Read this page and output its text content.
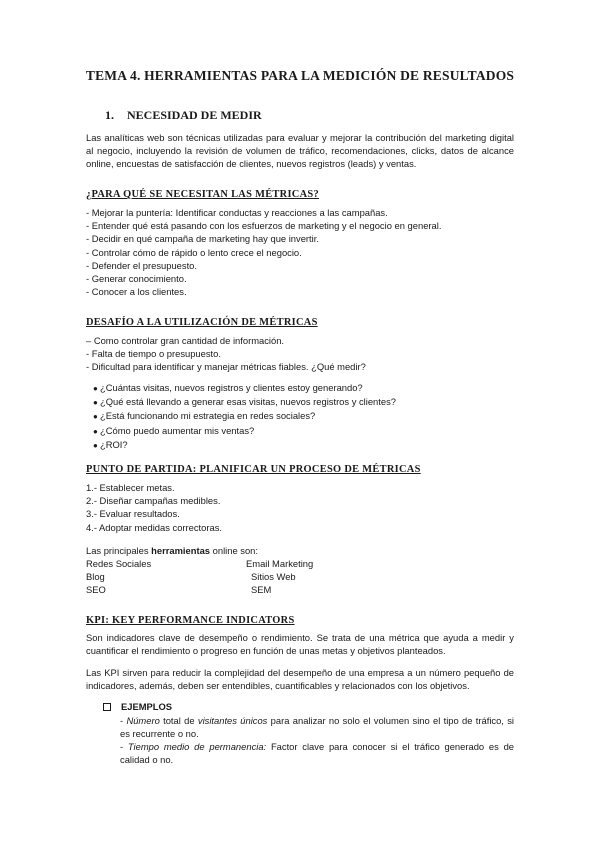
TEMA 4. HERRAMIENTAS PARA LA MEDICIÓN DE RESULTADOS
1. NECESIDAD DE MEDIR
Las analíticas web son técnicas utilizadas para evaluar y mejorar la contribución del marketing digital al negocio, incluyendo la revisión de volumen de tráfico, recomendaciones, clicks, datos de alcance online, encuestas de satisfacción de clientes, nuevos registros (leads) y ventas.
¿PARA QUÉ SE NECESITAN LAS MÉTRICAS?
- Mejorar la puntería: Identificar conductas y reacciones a las campañas.
- Entender qué está pasando con los esfuerzos de marketing y el negocio en general.
- Decidir en qué campaña de marketing hay que invertir.
- Controlar cómo de rápido o lento crece el negocio.
- Defender el presupuesto.
- Generar conocimiento.
- Conocer a los clientes.
DESAFÍO A LA UTILIZACIÓN DE MÉTRICAS
– Como controlar gran cantidad de información.
- Falta de tiempo o presupuesto.
- Dificultad para identificar y manejar métricas fiables. ¿Qué medir?
● ¿Cuántas visitas, nuevos registros y clientes estoy generando?
● ¿Qué está llevando a generar esas visitas, nuevos registros y clientes?
● ¿Está funcionando mi estrategia en redes sociales?
● ¿Cómo puedo aumentar mis ventas?
● ¿ROI?
PUNTO DE PARTIDA: PLANIFICAR UN PROCESO DE MÉTRICAS
1.- Establecer metas.
2.- Diseñar campañas medibles.
3.- Evaluar resultados.
4.- Adoptar medidas correctoras.
Las principales herramientas online son:
Redes Sociales	Email Marketing
Blog	Sitios Web
SEO	SEM
KPI: KEY PERFORMANCE INDICATORS
Son indicadores clave de desempeño o rendimiento. Se trata de una métrica que ayuda a medir y cuantificar el rendimiento o progreso en función de unas metas y objetivos planteados.
Las KPI sirven para reducir la complejidad del desempeño de una empresa a un número pequeño de indicadores, además, deben ser entendibles, cuantificables y relacionados con los objetivos.
EJEMPLOS
- Número total de visitantes únicos para analizar no solo el volumen sino el tipo de tráfico, si es recurrente o no.
- Tiempo medio de permanencia: Factor clave para conocer si el tráfico generado es de calidad o no.
